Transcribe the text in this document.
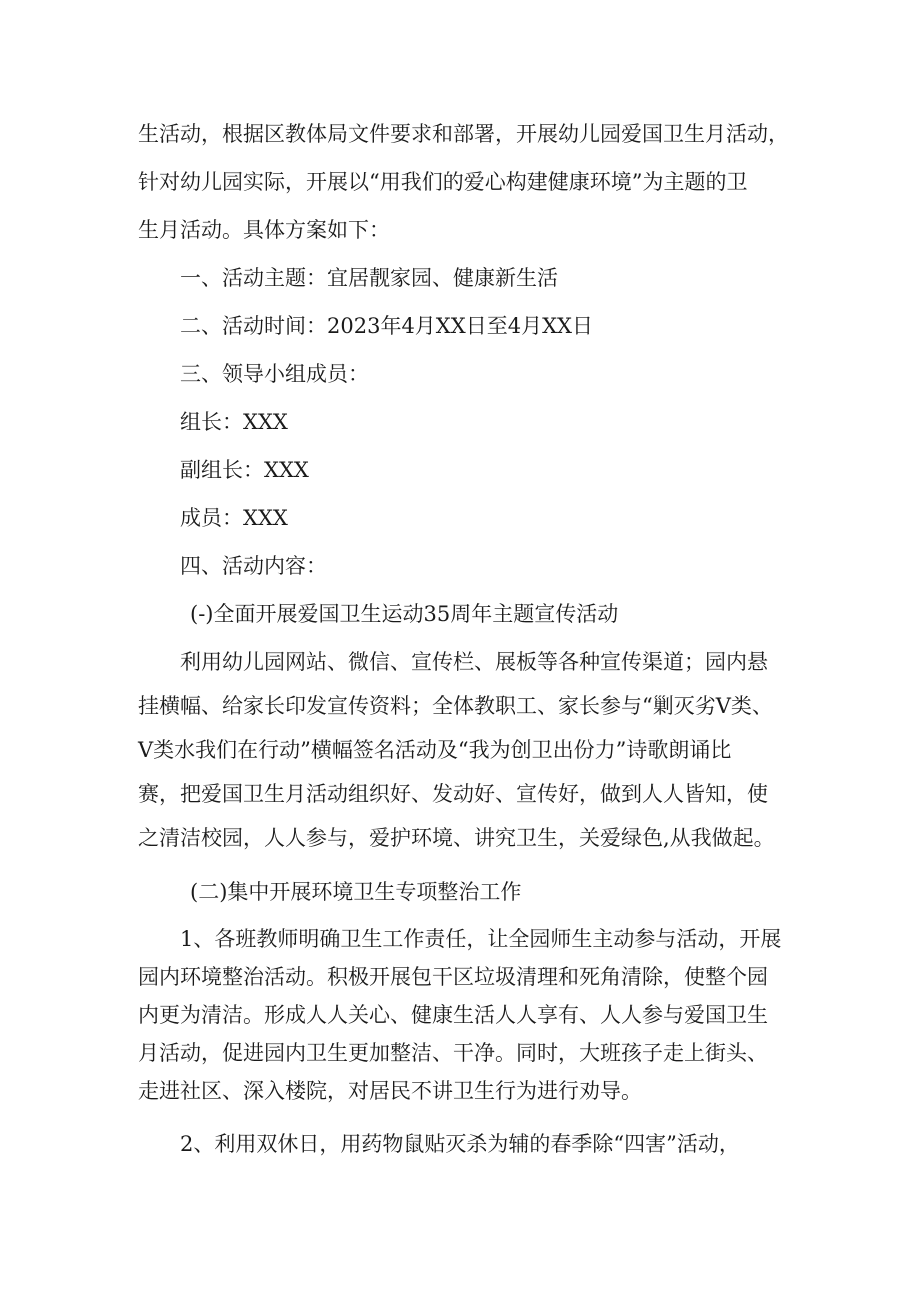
生活动，根据区教体局文件要求和部署，开展幼儿园爱国卫生月活动，

针对幼儿园实际，开展以“用我们的爱心构建健康环境”为主题的卫

生月活动。具体方案如下：

一、活动主题：宜居靓家园、健康新生活

二、活动时间：2023年4月XX日至4月XX日

三、领导小组成员：

组长：XXX

副组长：XXX

成员：XXX

四、活动内容：

(-)全面开展爱国卫生运动35周年主题宣传活动

利用幼儿园网站、微信、宣传栏、展板等各种宣传渠道；园内悬

挂横幅、给家长印发宣传资料；全体教职工、家长参与“剿灭劣V类、

V类水我们在行动”横幅签名活动及“我为创卫出份力”诗歌朗诵比

赛，把爱国卫生月活动组织好、发动好、宣传好，做到人人皆知，使

之清洁校园，人人参与，爱护环境、讲究卫生，关爱绿色,从我做起。

(二)集中开展环境卫生专项整治工作

1、各班教师明确卫生工作责任，让全园师生主动参与活动，开展

园内环境整治活动。积极开展包干区垃圾清理和死角清除，使整个园

内更为清洁。形成人人关心、健康生活人人享有、人人参与爱国卫生

月活动，促进园内卫生更加整洁、干净。同时，大班孩子走上街头、

走进社区、深入楼院，对居民不讲卫生行为进行劝导。

2、利用双休日，用药物鼠贴灭杀为辅的春季除“四害”活动，
